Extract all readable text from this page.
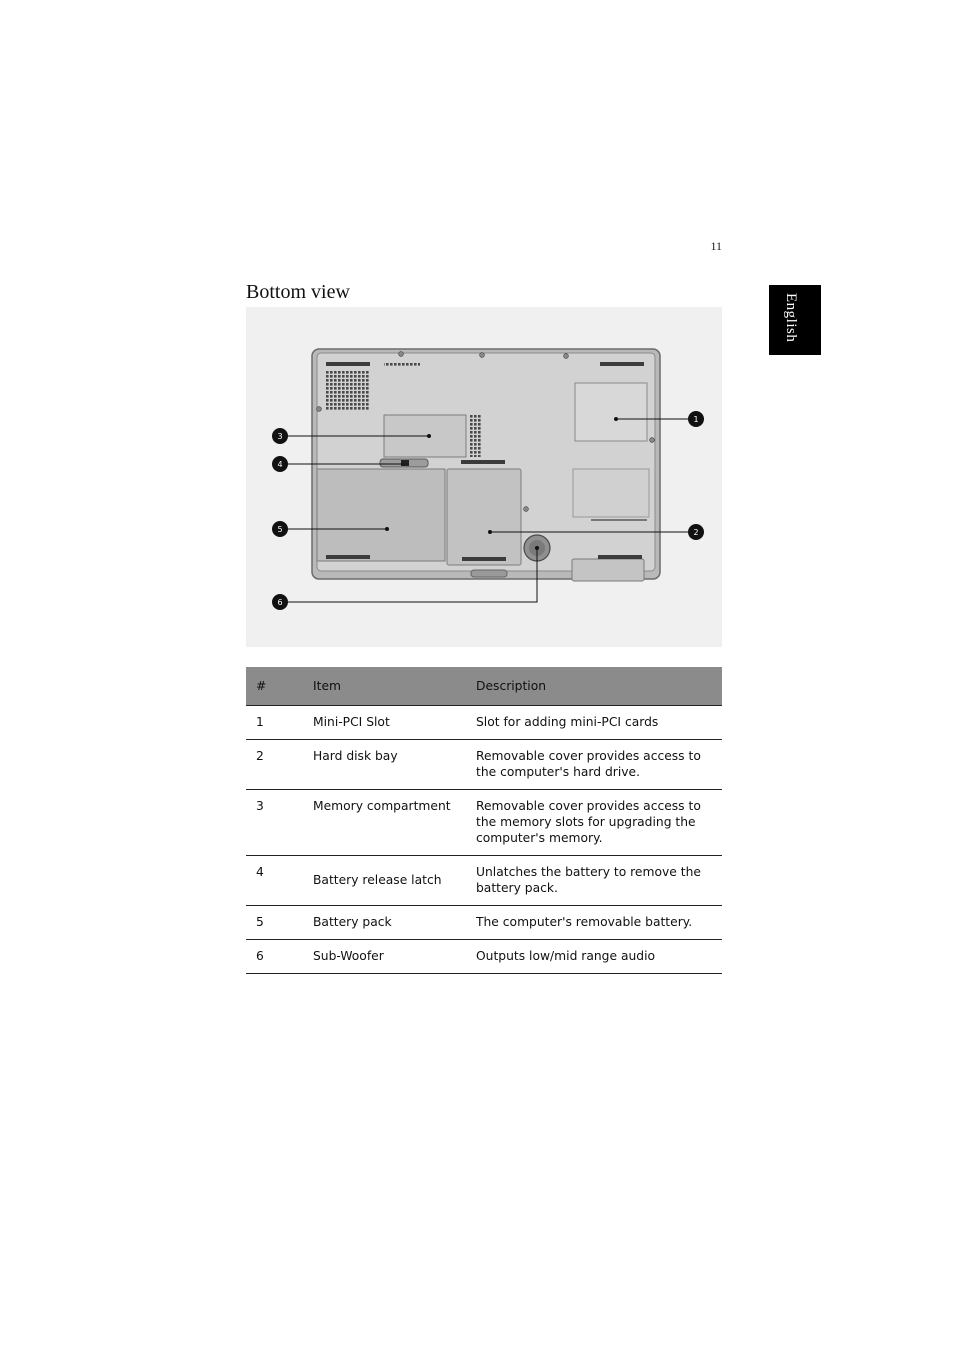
11
English
Bottom view
1
2
3
4
5
6
#	Item	Description
1	Mini-PCI Slot	Slot for adding mini-PCI cards
2	Hard disk bay	Removable cover provides access to the computer's hard drive.
3	Memory compartment	Removable cover provides access to the memory slots for upgrading the computer's memory.
4	Battery release latch	Unlatches the battery to remove the battery pack.
5	Battery pack	The computer's removable battery.
6	Sub-Woofer	Outputs low/mid range audio
